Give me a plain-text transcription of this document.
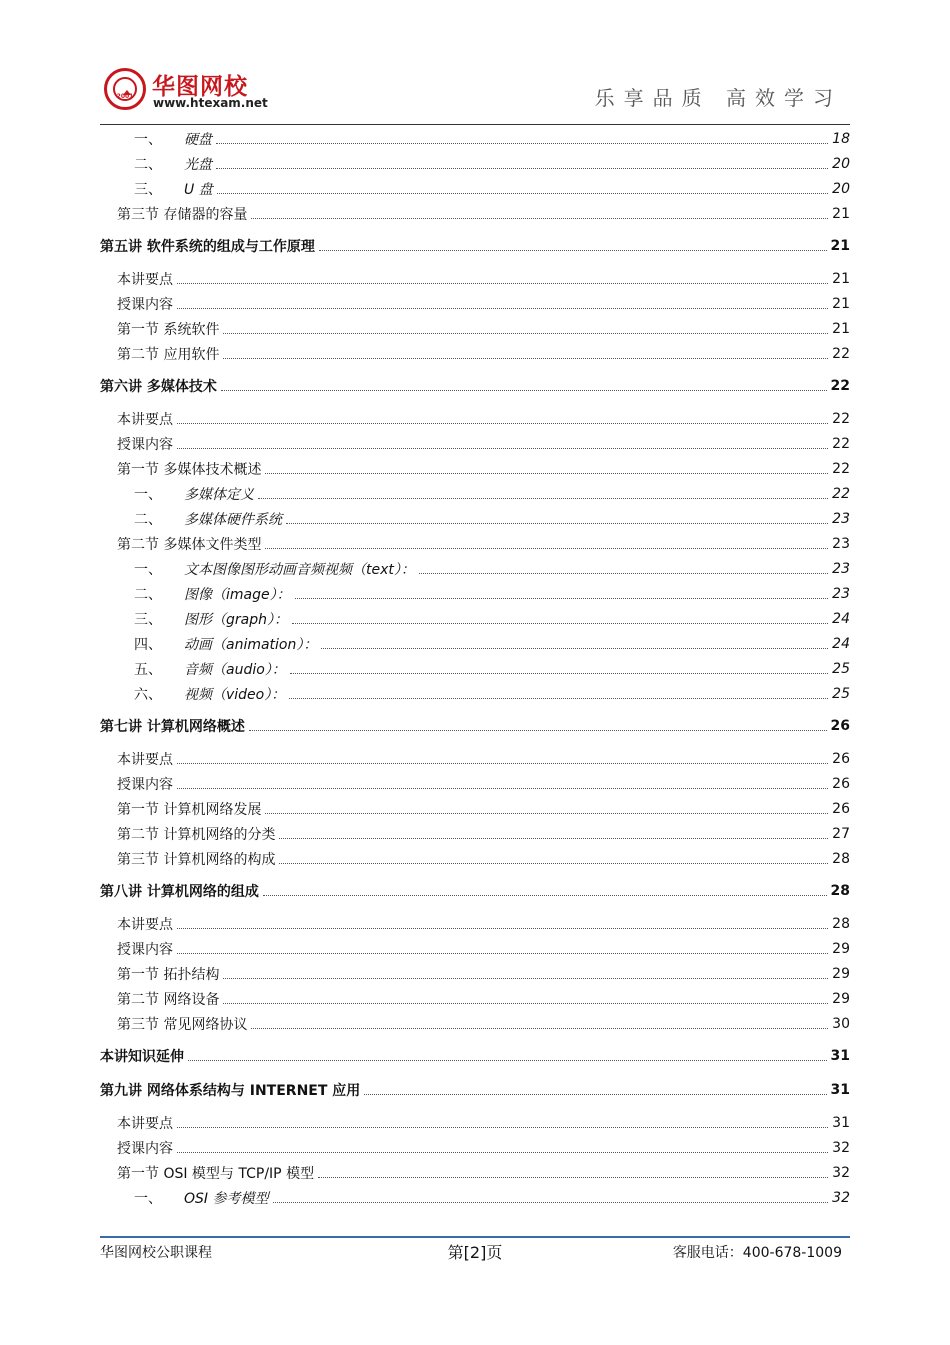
2001 华图网校
www.htexam.net	乐享品质 高效学习
一、 硬盘	18
二、 光盘	20
三、 U 盘	20
第三节 存储器的容量	21
第五讲 软件系统的组成与工作原理	21
本讲要点	21
授课内容	21
第一节 系统软件	21
第二节 应用软件	22
第六讲 多媒体技术	22
本讲要点	22
授课内容	22
第一节 多媒体技术概述	22
一、 多媒体定义	22
二、 多媒体硬件系统	23
第二节 多媒体文件类型	23
一、 文本图像图形动画音频视频（text）：	23
二、 图像（image）：	23
三、 图形（graph）：	24
四、 动画（animation）：	24
五、 音频（audio）：	25
六、 视频（video）：	25
第七讲 计算机网络概述	26
本讲要点	26
授课内容	26
第一节 计算机网络发展	26
第二节 计算机网络的分类	27
第三节 计算机网络的构成	28
第八讲 计算机网络的组成	28
本讲要点	28
授课内容	29
第一节 拓扑结构	29
第二节 网络设备	29
第三节 常见网络协议	30
本讲知识延伸	31
第九讲 网络体系结构与 INTERNET 应用	31
本讲要点	31
授课内容	32
第一节 OSI 模型与 TCP/IP 模型	32
一、 OSI 参考模型	32
华图网校公职课程	第[2]页	客服电话：400-678-1009
